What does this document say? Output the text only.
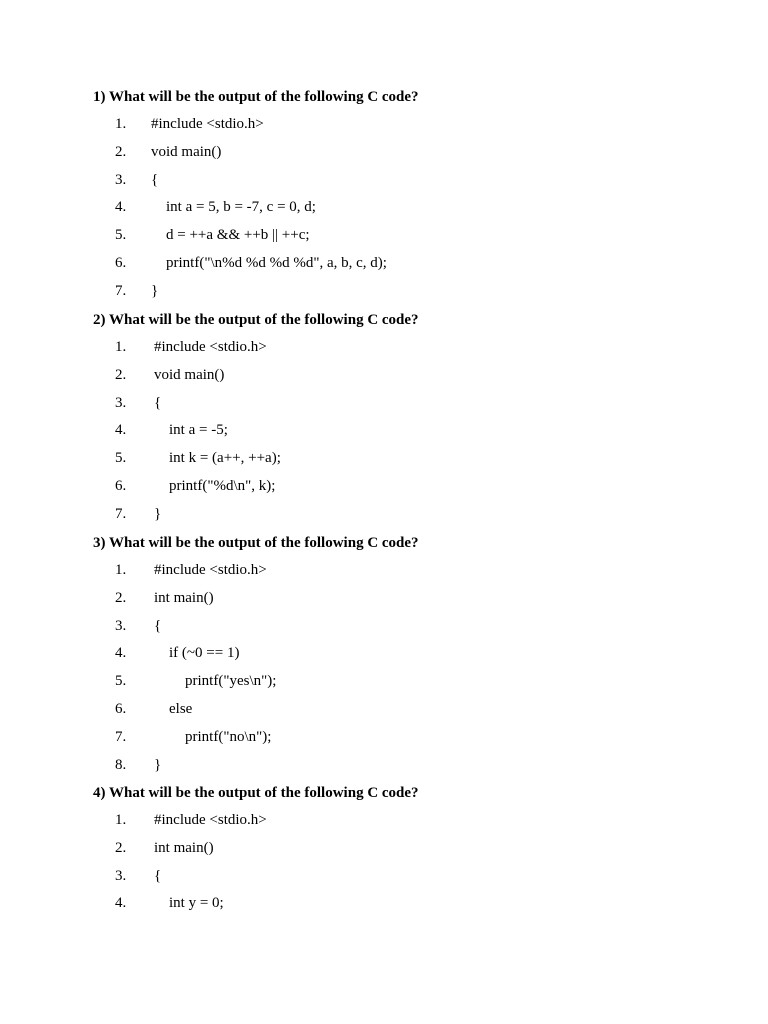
1) What will be the output of the following C code?
1.	#include <stdio.h>
2.	void main()
3.	{
4.	int a = 5, b = -7, c = 0, d;
5.	d = ++a && ++b || ++c;
6.	printf("\n%d %d %d %d", a, b, c, d);
7.	}
2) What will be the output of the following C code?
1.	#include <stdio.h>
2.	void main()
3.	{
4.	int a = -5;
5.	int k = (a++, ++a);
6.	printf("%d\n", k);
7.	}
3) What will be the output of the following C code?
1.	#include <stdio.h>
2.	int main()
3.	{
4.	if (~0 == 1)
5.	printf("yes\n");
6.	else
7.	printf("no\n");
8.	}
4) What will be the output of the following C code?
1.	#include <stdio.h>
2.	int main()
3.	{
4.	int y = 0;
